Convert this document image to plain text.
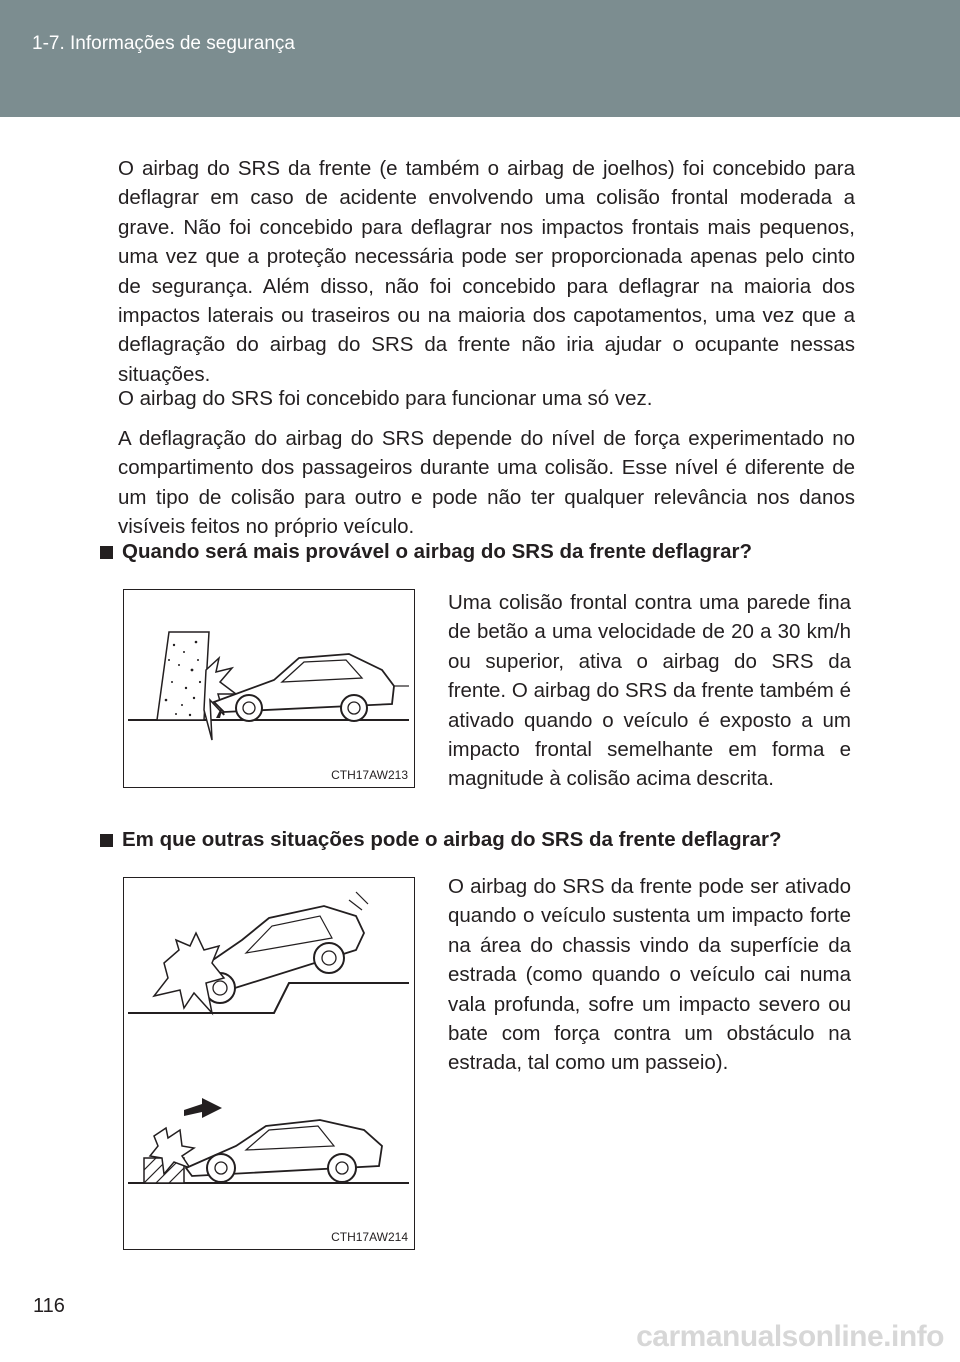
1-7. Informações de segurança

O airbag do SRS da frente (e também o airbag de joelhos) foi concebido para deflagrar em caso de acidente envolvendo uma colisão frontal moderada a grave. Não foi concebido para deflagrar nos impactos frontais mais pequenos, uma vez que a proteção necessária pode ser proporcionada apenas pelo cinto de segurança. Além disso, não foi concebido para deflagrar na maioria dos impactos laterais ou traseiros ou na maioria dos capotamentos, uma vez que a deflagração do airbag do SRS da frente não iria ajudar o ocupante nessas situações.

O airbag do SRS foi concebido para funcionar uma só vez.

A deflagração do airbag do SRS depende do nível de força experimentado no compartimento dos passageiros durante uma colisão. Esse nível é diferente de um tipo de colisão para outro e pode não ter qualquer relevância nos danos visíveis feitos no próprio veículo.

Quando será mais provável o airbag do SRS da frente deflagrar?
CTH17AW213

Uma colisão frontal contra uma parede fina de betão a uma velocidade de 20 a 30 km/h ou superior, ativa o airbag do SRS da frente. O airbag do SRS da frente também é ativado quando o veículo é exposto a um impacto frontal semelhante em forma e magnitude à colisão acima descrita.

Em que outras situações pode o airbag do SRS da frente deflagrar?
CTH17AW214

O airbag do SRS da frente pode ser ativado quando o veículo sustenta um impacto forte na área do chassis vindo da superfície da estrada (como quando o veículo cai numa vala profunda, sofre um impacto severo ou bate com força contra um obstáculo na estrada, tal como um passeio).

116
carmanualsonline.info
